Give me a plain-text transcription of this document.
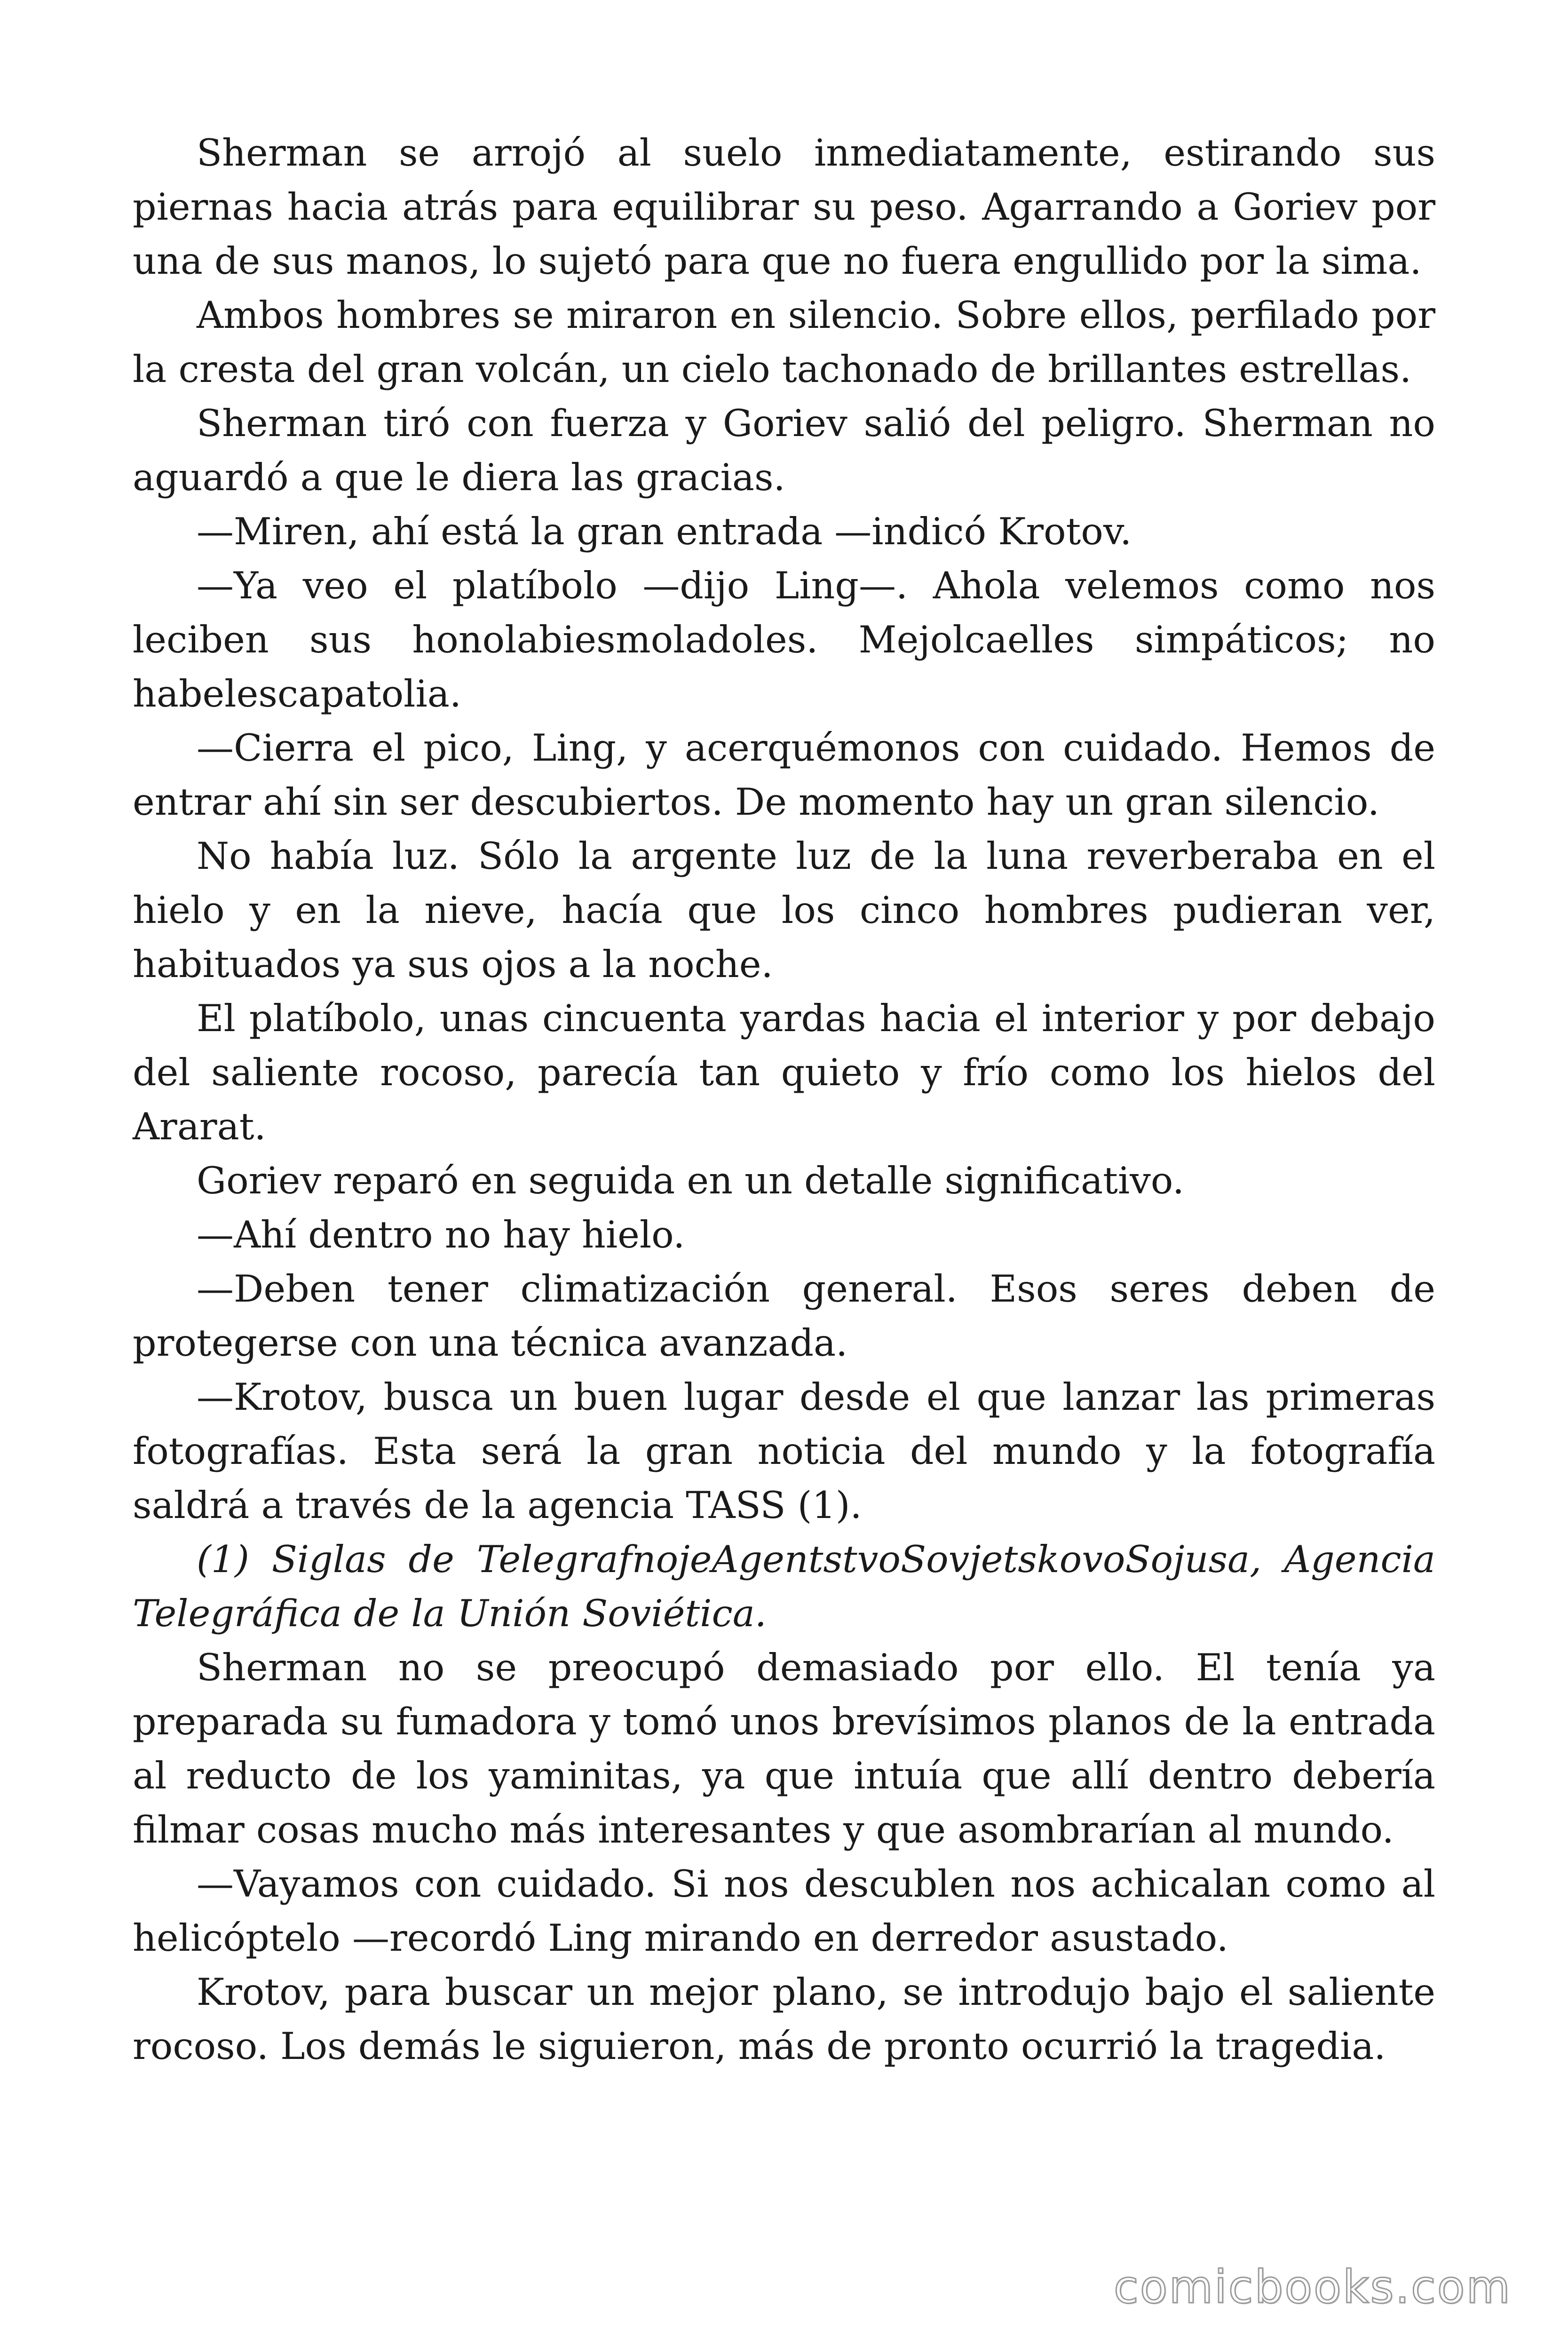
Sherman se arrojó al suelo inmediatamente, estirando sus piernas hacia atrás para equilibrar su peso. Agarrando a Goriev por una de sus manos, lo sujetó para que no fuera engullido por la sima.

Ambos hombres se miraron en silencio. Sobre ellos, perfilado por la cresta del gran volcán, un cielo tachonado de brillantes estrellas.

Sherman tiró con fuerza y Goriev salió del peligro. Sherman no aguardó a que le diera las gracias.

—Miren, ahí está la gran entrada —indicó Krotov.

—Ya veo el platíbolo —dijo Ling—. Ahola velemos como nos leciben sus honolabiesmoladoles. Mejolcaelles simpáticos; no habelescapatolia.

—Cierra el pico, Ling, y acerquémonos con cuidado. Hemos de entrar ahí sin ser descubiertos. De momento hay un gran silencio.

No había luz. Sólo la argente luz de la luna reverberaba en el hielo y en la nieve, hacía que los cinco hombres pudieran ver, habituados ya sus ojos a la noche.

El platíbolo, unas cincuenta yardas hacia el interior y por debajo del saliente rocoso, parecía tan quieto y frío como los hielos del Ararat.

Goriev reparó en seguida en un detalle significativo.

—Ahí dentro no hay hielo.

—Deben tener climatización general. Esos seres deben de protegerse con una técnica avanzada.

—Krotov, busca un buen lugar desde el que lanzar las primeras fotografías. Esta será la gran noticia del mundo y la fotografía saldrá a través de la agencia TASS (1).

(1) Siglas de TelegrafnojeAgentstvoSovjetskovoSojusa, Agencia Telegráfica de la Unión Soviética.

Sherman no se preocupó demasiado por ello. El tenía ya preparada su fumadora y tomó unos brevísimos planos de la entrada al reducto de los yaminitas, ya que intuía que allí dentro debería filmar cosas mucho más interesantes y que asombrarían al mundo.

—Vayamos con cuidado. Si nos descublen nos achicalan como al helicóptelo —recordó Ling mirando en derredor asustado.

Krotov, para buscar un mejor plano, se introdujo bajo el saliente rocoso. Los demás le siguieron, más de pronto ocurrió la tragedia.

comicbooks.com
